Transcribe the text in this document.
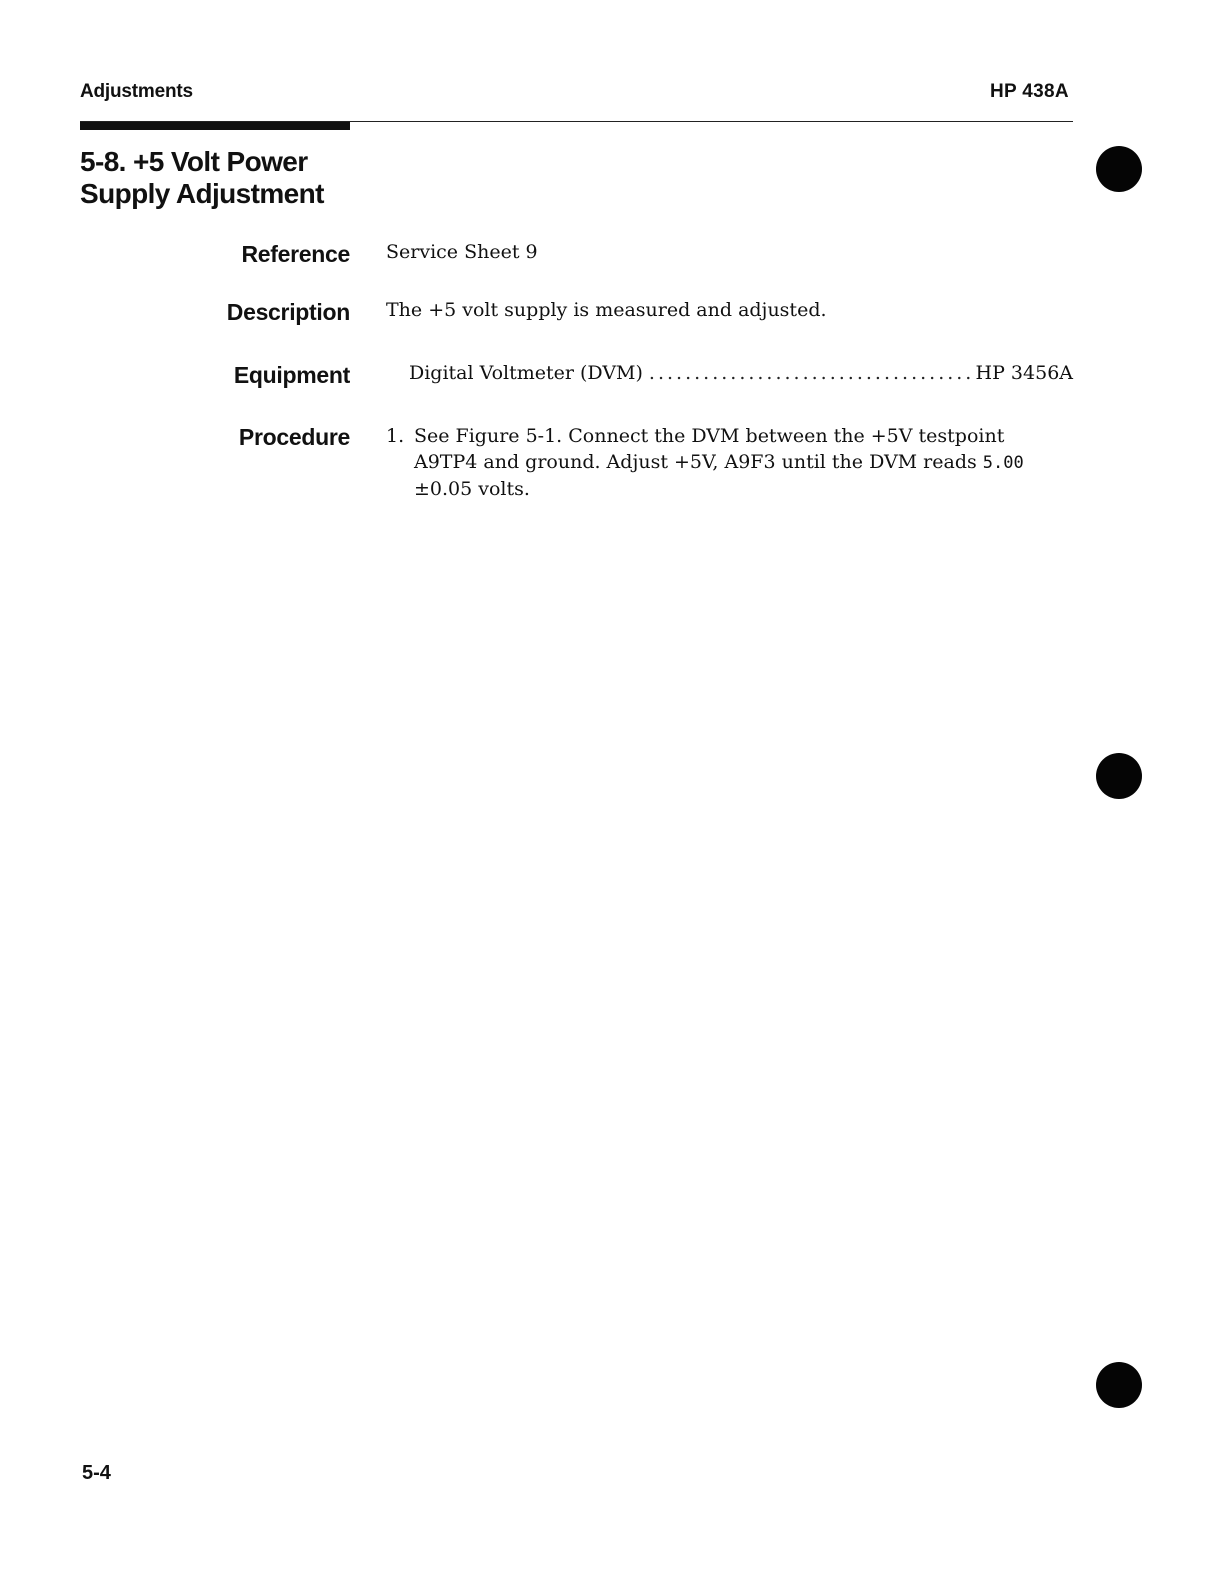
Adjustments	HP 438A
5-8. +5 Volt Power
Supply Adjustment
Reference Service Sheet 9
Description The +5 volt supply is measured and adjusted.
Equipment	Digital Voltmeter (DVM)
.....	HP 3456A
Procedure 1. See Figure 5-1. Connect the DVM between the +5V testpoint
A9TP4 and ground. Adjust +5V, A9F3 until the DVM reads 5.00
±0.05 volts.
5-4
